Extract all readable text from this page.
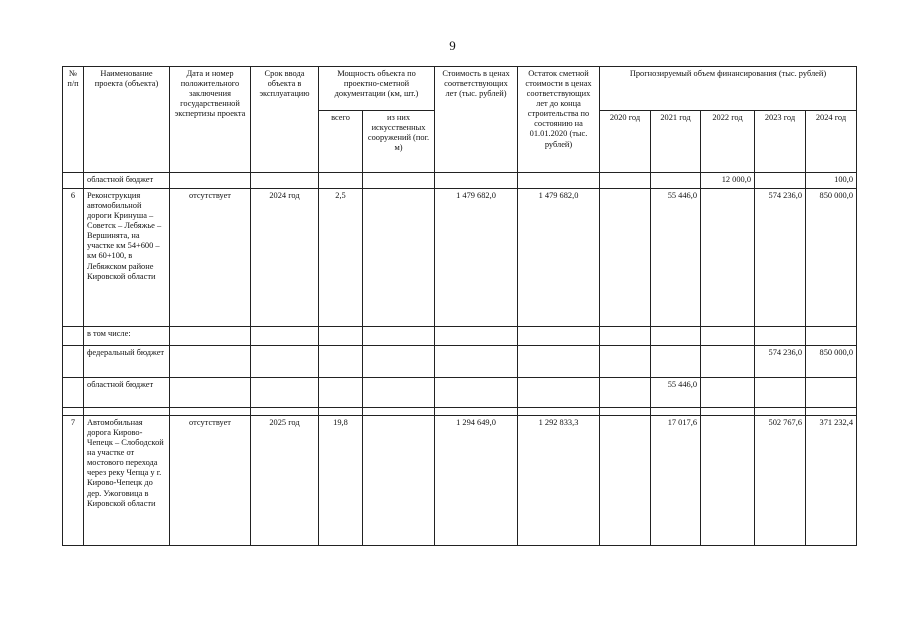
9
№ п/п	Наименование проекта (объекта)	Дата и номер положительного заключения государственной экспертизы проекта	Срок ввода объекта в эксплуатацию	Мощность объекта по проектно-сметной документации (км, шт.)		Стоимость в ценах соответствующих лет (тыс. рублей)	Остаток сметной стоимости в ценах соответствующих лет до конца строительства по состоянию на 01.01.2020 (тыс. рублей)	Прогнозируемый объем финансирования (тыс. рублей)				
				всего	из них искусственных сооружений (пог. м)			2020 год	2021 год	2022 год	2023 год	2024 год
	областной бюджет									12 000,0		100,0
6	Реконструкция автомобильной дороги Кринуша – Советск – Лебяжье – Вершинята, на участке км 54+600 – км 60+100, в Лебяжском районе Кировской области	отсутствует	2024 год	2,5		1 479 682,0	1 479 682,0		55 446,0		574 236,0	850 000,0
	в том числе:											
	федеральный бюджет										574 236,0	850 000,0
	областной бюджет								55 446,0			

7	Автомобильная дорога Кирово-Чепецк – Слободской на участке от мостового перехода через реку Чепца у г. Кирово-Чепецк до дер. Ужоговица в Кировской области	отсутствует	2025 год	19,8		1 294 649,0	1 292 833,3		17 017,6		502 767,6	371 232,4
